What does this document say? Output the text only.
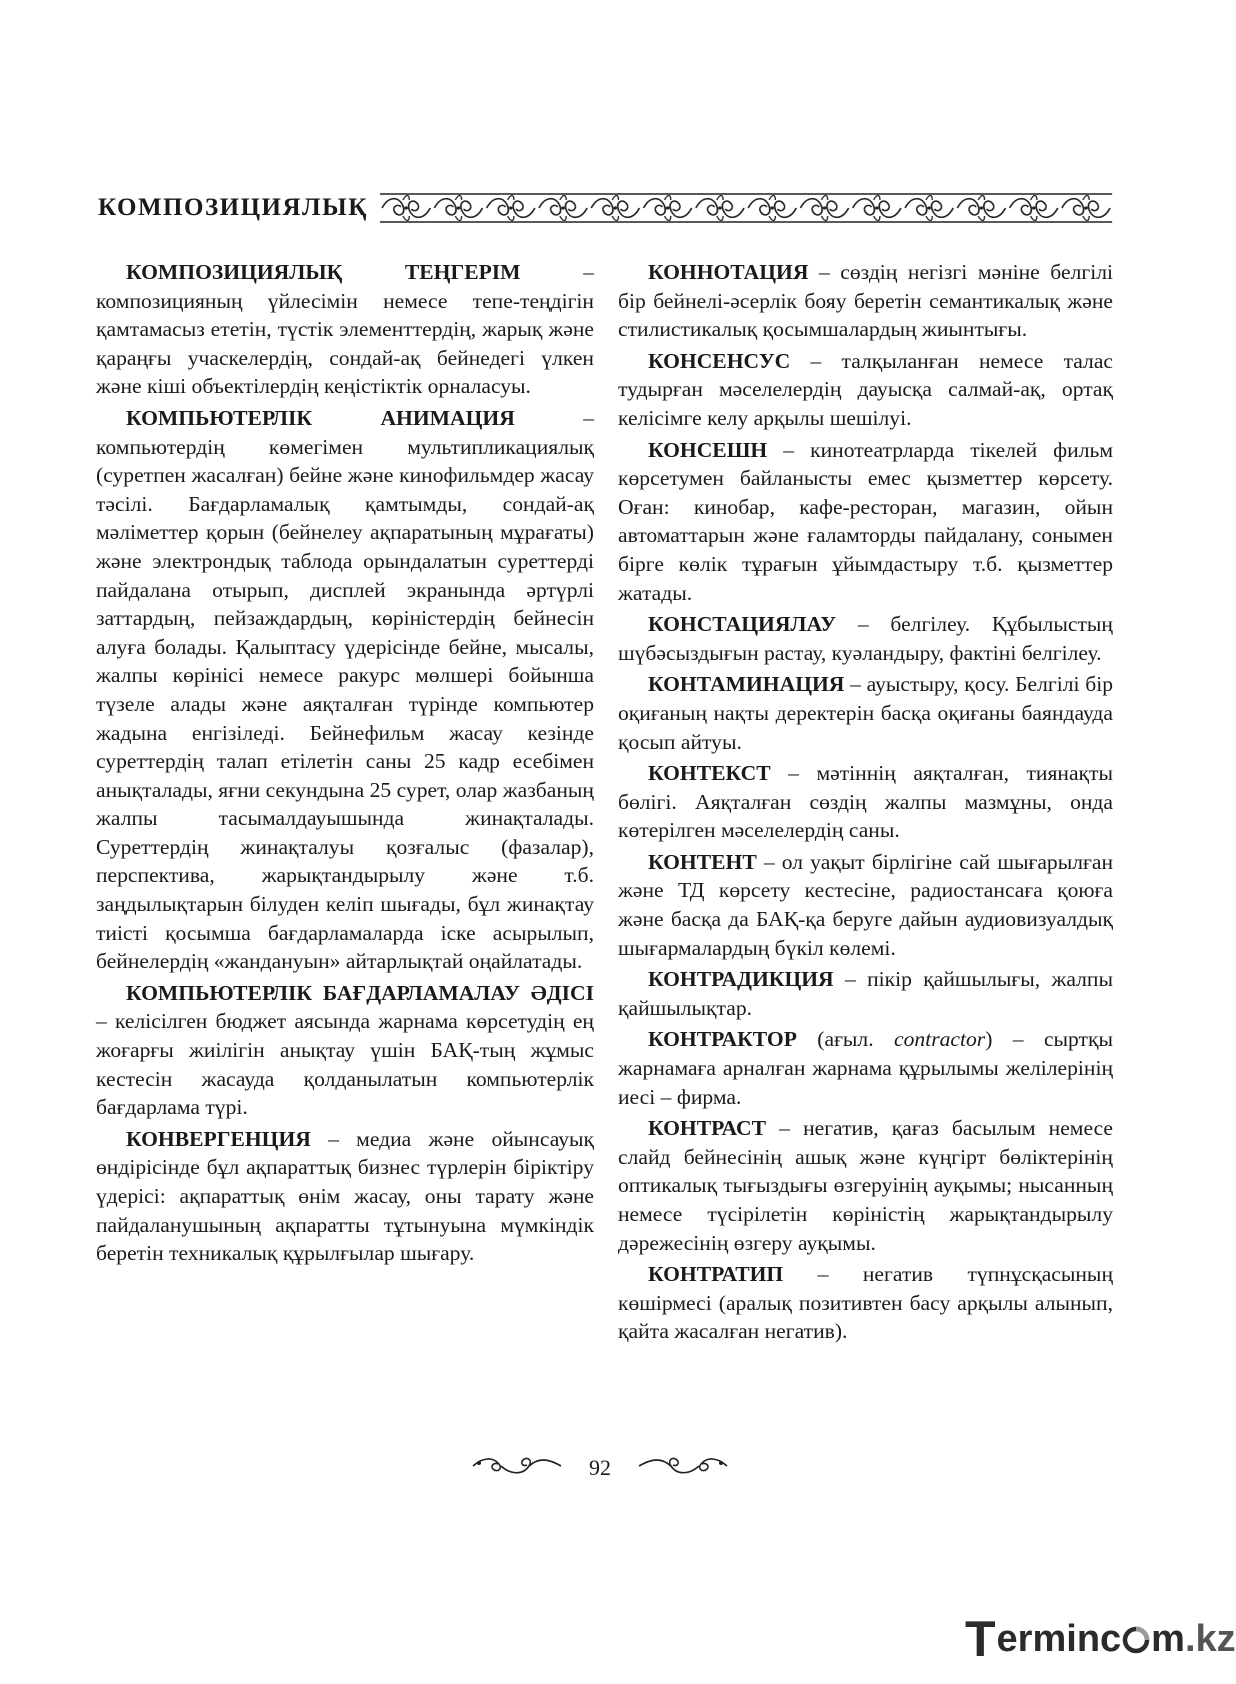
КОМПОЗИЦИЯЛЫҚ

КОМПОЗИЦИЯЛЫҚ ТЕҢГЕРІМ – композицияның үйлесімін немесе тепе-теңдігін қамтамасыз ететін, түстік элементтердің, жарық және қараңғы учаскелердің, сондай-ақ бейнедегі үлкен және кіші объектілердің кеңістіктік орналасуы.

КОМПЬЮТЕРЛІК АНИМАЦИЯ – компьютердің көмегімен мультипликациялық (суретпен жасалған) бейне және кинофильмдер жасау тәсілі. Бағдарламалық қамтымды, сондай-ақ мәліметтер қорын (бейнелеу ақпаратының мұрағаты) және электрондық таблода орындалатын суреттерді пайдалана отырып, дисплей экранында әртүрлі заттардың, пейзаждардың, көріністердің бейнесін алуға болады. Қалыптасу үдерісінде бейне, мысалы, жалпы көрінісі немесе ракурс мөлшері бойынша түзеле алады және аяқталған түрінде компьютер жадына енгізіледі. Бейнефильм жасау кезінде суреттердің талап етілетін саны 25 кадр есебімен анықталады, яғни секундына 25 сурет, олар жазбаның жалпы тасымалдауышында жинақталады. Суреттердің жинақталуы қозғалыс (фазалар), перспектива, жарықтандырылу және т.б. заңдылықтарын білуден келіп шығады, бұл жинақтау тиісті қосымша бағдарламаларда іске асырылып, бейнелердің «жандануын» айтарлықтай оңайлатады.

КОМПЬЮТЕРЛІК БАҒДАРЛАМАЛАУ ӘДІСІ – келісілген бюджет аясында жарнама көрсетудің ең жоғарғы жиілігін анықтау үшін БАҚ-тың жұмыс кестесін жасауда қолданылатын компьютерлік бағдарлама түрі.

КОНВЕРГЕНЦИЯ – медиа және ойынсауық өндірісінде бұл ақпараттық бизнес түрлерін біріктіру үдерісі: ақпараттық өнім жасау, оны тарату және пайдаланушының ақпаратты тұтынуына мүмкіндік беретін техникалық құрылғылар шығару.

КОННОТАЦИЯ – сөздің негізгі мәніне белгілі бір бейнелі-әсерлік бояу беретін семантикалық және стилистикалық қосымшалардың жиынтығы.

КОНСЕНСУС – талқыланған немесе талас тудырған мәселелердің дауысқа салмай-ақ, ортақ келісімге келу арқылы шешілуі.

КОНСЕШН – кинотеатрларда тікелей фильм көрсетумен байланысты емес қызметтер көрсету. Оған: кинобар, кафе-ресторан, магазин, ойын автоматтарын және ғаламторды пайдалану, сонымен бірге көлік тұрағын ұйымдастыру т.б. қызметтер жатады.

КОНСТАЦИЯЛАУ – белгілеу. Құбылыстың шүбәсыздығын растау, куәландыру, фактіні белгілеу.

КОНТАМИНАЦИЯ – ауыстыру, қосу. Белгілі бір оқиғаның нақты деректерін басқа оқиғаны баяндауда қосып айтуы.

КОНТЕКСТ – мәтіннің аяқталған, тиянақты бөлігі. Аяқталған сөздің жалпы мазмұны, онда көтерілген мәселелердің саны.

КОНТЕНТ – ол уақыт бірлігіне сай шығарылған және ТД көрсету кестесіне, радиостансаға қоюға және басқа да БАҚ-қа беруге дайын аудиовизуалдық шығармалардың бүкіл көлемі.

КОНТРАДИКЦИЯ – пікір қайшылығы, жалпы қайшылықтар.

КОНТРАКТОР (ағыл. contractor) – сыртқы жарнамаға арналған жарнама құрылымы желілерінің иесі – фирма.

КОНТРАСТ – негатив, қағаз басылым немесе слайд бейнесінің ашық және күңгірт бөліктерінің оптикалық тығыздығы өзгеруінің ауқымы; нысанның немесе түсірілетін көріністің жарықтандырылу дәрежесінің өзгеру ауқымы.

КОНТРАТИП – негатив түпнұсқасының көшірмесі (аралық позитивтен басу арқылы алынып, қайта жасалған негатив).

92
T erminc m .kz
